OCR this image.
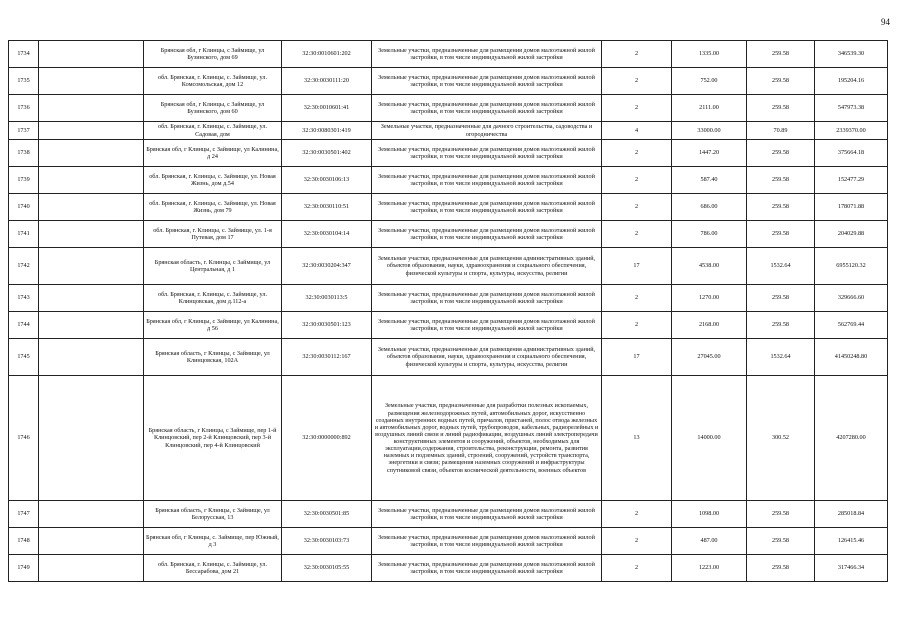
94
1734		Брянская обл, г Клинцы, с Займище, ул Бузинского, дом 69	32:30:0010601:202	Земельные участки, предназначенные для размещения домов малоэтажной жилой застройки, в том числе индивидуальной жилой застройки	2	1335.00	259.58	346539.30
1735		обл. Брянская, г. Клинцы, с. Займище, ул. Комсомольская, дом 12	32:30:0030111:20	Земельные участки, предназначенные для размещения домов малоэтажной жилой застройки, в том числе индивидуальной жилой застройки	2	752.00	259.58	195204.16
1736		Брянская обл, г Клинцы, с Займище, ул Бузинского, дом 60	32:30:0010601:41	Земельные участки, предназначенные для размещения домов малоэтажной жилой застройки, в том числе индивидуальной жилой застройки	2	2111.00	259.58	547973.38
1737		обл. Брянская, г. Клинцы, с. Займище, ул. Садовая, дом	32:30:0080301:419	Земельные участки, предназначенные для дачного строительства, садоводства и огородничества	4	33000.00	70.89	2339370.00
1738		Брянская обл, г Клинцы, с Займище, ул Калинина, д 24	32:30:0030501:402	Земельные участки, предназначенные для размещения домов малоэтажной жилой застройки, в том числе индивидуальной жилой застройки	2	1447.20	259.58	375664.18
1739		обл. Брянская, г. Клинцы, с. Займище, ул. Новая Жизнь, дом д.54	32:30:0030106:13	Земельные участки, предназначенные для размещения домов малоэтажной жилой застройки, в том числе индивидуальной жилой застройки	2	587.40	259.58	152477.29
1740		обл. Брянская, г. Клинцы, с. Займище, ул. Новая Жизнь, дом 79	32:30:0030110:51	Земельные участки, предназначенные для размещения домов малоэтажной жилой застройки, в том числе индивидуальной жилой застройки	2	686.00	259.58	178071.88
1741		обл. Брянская, г. Клинцы, с. Займище, ул. 1-я Путевая, дом 17	32:30:0030104:14	Земельные участки, предназначенные для размещения домов малоэтажной жилой застройки, в том числе индивидуальной жилой застройки	2	786.00	259.58	204029.88
1742		Брянская область, г. Клинцы, с Займище, ул Центральная, д 1	32:30:0030204:347	Земельные участки, предназначенные для размещения административных зданий, объектов образования, науки, здравоохранения и социального обеспечения, физической культуры и спорта, культуры, искусства, религии	17	4538.00	1532.64	6955120.32
1743		обл. Брянская, г. Клинцы, с. Займище, ул. Клинцовская, дом д.112-а	32:30:0030113:5	Земельные участки, предназначенные для размещения домов малоэтажной жилой застройки, в том числе индивидуальной жилой застройки	2	1270.00	259.58	329666.60
1744		Брянская обл, г Клинцы, с Займище, ул Калинина, д 56	32:30:0030501:123	Земельные участки, предназначенные для размещения домов малоэтажной жилой застройки, в том числе индивидуальной жилой застройки	2	2168.00	259.58	562769.44
1745		Брянская область, г Клинцы, с Займище, ул Клинцовская, 102А	32:30:0030112:167	Земельные участки, предназначенные для размещения административных зданий, объектов образования, науки, здравоохранения и социального обеспечения, физической культуры и спорта, культуры, искусства, религии	17	27045.00	1532.64	41450248.80
1746		Брянская область, г Клинцы, с Займище, пер 1-й Клинцовский, пер 2-й Клинцовский, пер 3-й Клинцовский, пер 4-й Клинцовский	32:30:0000000:892	Земельные участки, предназначенные для разработки полезных ископаемых, размещения железнодорожных путей, автомобильных дорог, искусственно созданных внутренних водных путей, причалов, пристаней, полос отвода железных и автомобильных дорог, водных путей, трубопроводов, кабельных, радиорелейных и воздушных линий связи и линий радиофикации, воздушных линий электропередачи конструктивных элементов и сооружений, объектов, необходимых для эксплуатации,содержания, строительства, реконструкции, ремонта, развития наземных и подземных зданий, строений, сооружений, устройств транспорта, энергетики и связи; размещения наземных сооружений и инфраструктуры спутниковой связи, объектов космической деятельности, военных объектов	13	14000.00	300.52	4207280.00
1747		Брянская область, г Клинцы, с Займище, ул Белорусская, 13	32:30:0030501:85	Земельные участки, предназначенные для размещения домов малоэтажной жилой застройки, в том числе индивидуальной жилой застройки	2	1098.00	259.58	285018.84
1748		Брянская обл, г Клинцы, с. Займище, пер Южный, д 3	32:30:0030103:73	Земельные участки, предназначенные для размещения домов малоэтажной жилой застройки, в том числе индивидуальной жилой застройки	2	487.00	259.58	126415.46
1749		обл. Брянская, г. Клинцы, с. Займище, ул. Бессарабова, дом 21	32:30:0030105:55	Земельные участки, предназначенные для размещения домов малоэтажной жилой застройки, в том числе индивидуальной жилой застройки	2	1223.00	259.58	317466.34
